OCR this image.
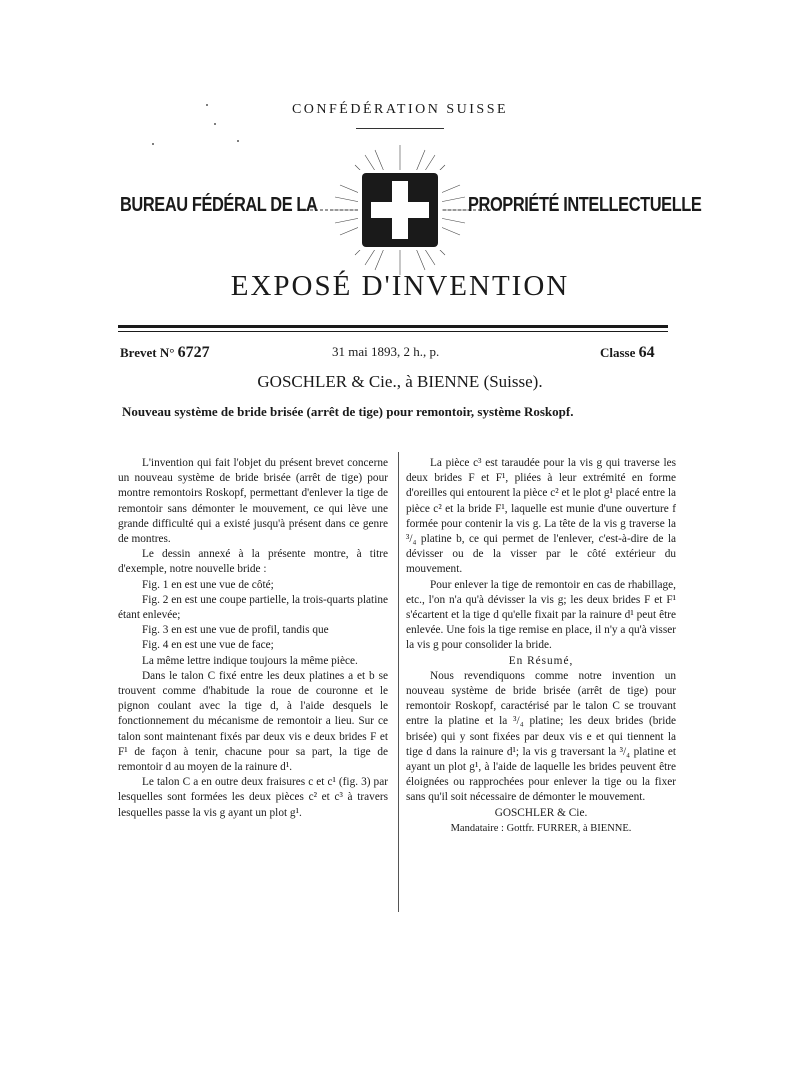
CONFÉDÉRATION SUISSE
BUREAU FÉDÉRAL DE LA	PROPRIÉTÉ INTELLECTUELLE
EXPOSÉ D'INVENTION
Brevet N° 6727	31 mai 1893, 2 h., p.	Classe 64
GOSCHLER & Cie., à BIENNE (Suisse).
Nouveau système de bride brisée (arrêt de tige) pour remontoir, système Roskopf.

L'invention qui fait l'objet du présent brevet concerne un nouveau système de bride brisée (arrêt de tige) pour montre remontoirs Roskopf, permettant d'enlever la tige de remontoir sans démonter le mouvement, ce qui lève une grande difficulté qui a existé jusqu'à présent dans ce genre de montres.

Le dessin annexé à la présente montre, à titre d'exemple, notre nouvelle bride :

Fig. 1 en est une vue de côté;

Fig. 2 en est une coupe partielle, la trois-quarts platine étant enlevée;

Fig. 3 en est une vue de profil, tandis que

Fig. 4 en est une vue de face;

La même lettre indique toujours la même pièce.

Dans le talon C fixé entre les deux platines a et b se trouvent comme d'habitude la roue de couronne et le pignon coulant avec la tige d, à l'aide desquels le fonctionnement du mécanisme de remontoir a lieu. Sur ce talon sont maintenant fixés par deux vis e deux brides F et F¹ de façon à tenir, chacune pour sa part, la tige de remontoir d au moyen de la rainure d¹.

Le talon C a en outre deux fraisures c et c¹ (fig. 3) par lesquelles sont formées les deux pièces c² et c³ à travers lesquelles passe la vis g ayant un plot g¹.

La pièce c³ est taraudée pour la vis g qui traverse les deux brides F et F¹, pliées à leur extrémité en forme d'oreilles qui entourent la pièce c² et le plot g¹ placé entre la pièce c² et la bride F¹, laquelle est munie d'une ouverture f formée pour contenir la vis g. La tête de la vis g traverse la ³/₄ platine b, ce qui permet de l'enlever, c'est-à-dire de la dévisser ou de la visser par le côté extérieur du mouvement.

Pour enlever la tige de remontoir en cas de rhabillage, etc., l'on n'a qu'à dévisser la vis g; les deux brides F et F¹ s'écartent et la tige d qu'elle fixait par la rainure d¹ peut être enlevée. Une fois la tige remise en place, il n'y a qu'à visser la vis g pour consolider la bride.

En Résumé,

Nous revendiquons comme notre invention un nouveau système de bride brisée (arrêt de tige) pour remontoir Roskopf, caractérisé par le talon C se trouvant entre la platine et la ³/₄ platine; les deux brides (bride brisée) qui y sont fixées par deux vis e et qui tiennent la tige d dans la rainure d¹; la vis g traversant la ³/₄ platine et ayant un plot g¹, à l'aide de laquelle les brides peuvent être éloignées ou rapprochées pour enlever la tige ou la fixer sans qu'il soit nécessaire de démonter le mouvement.

GOSCHLER & Cie.

Mandataire : Gottfr. FURRER, à BIENNE.
